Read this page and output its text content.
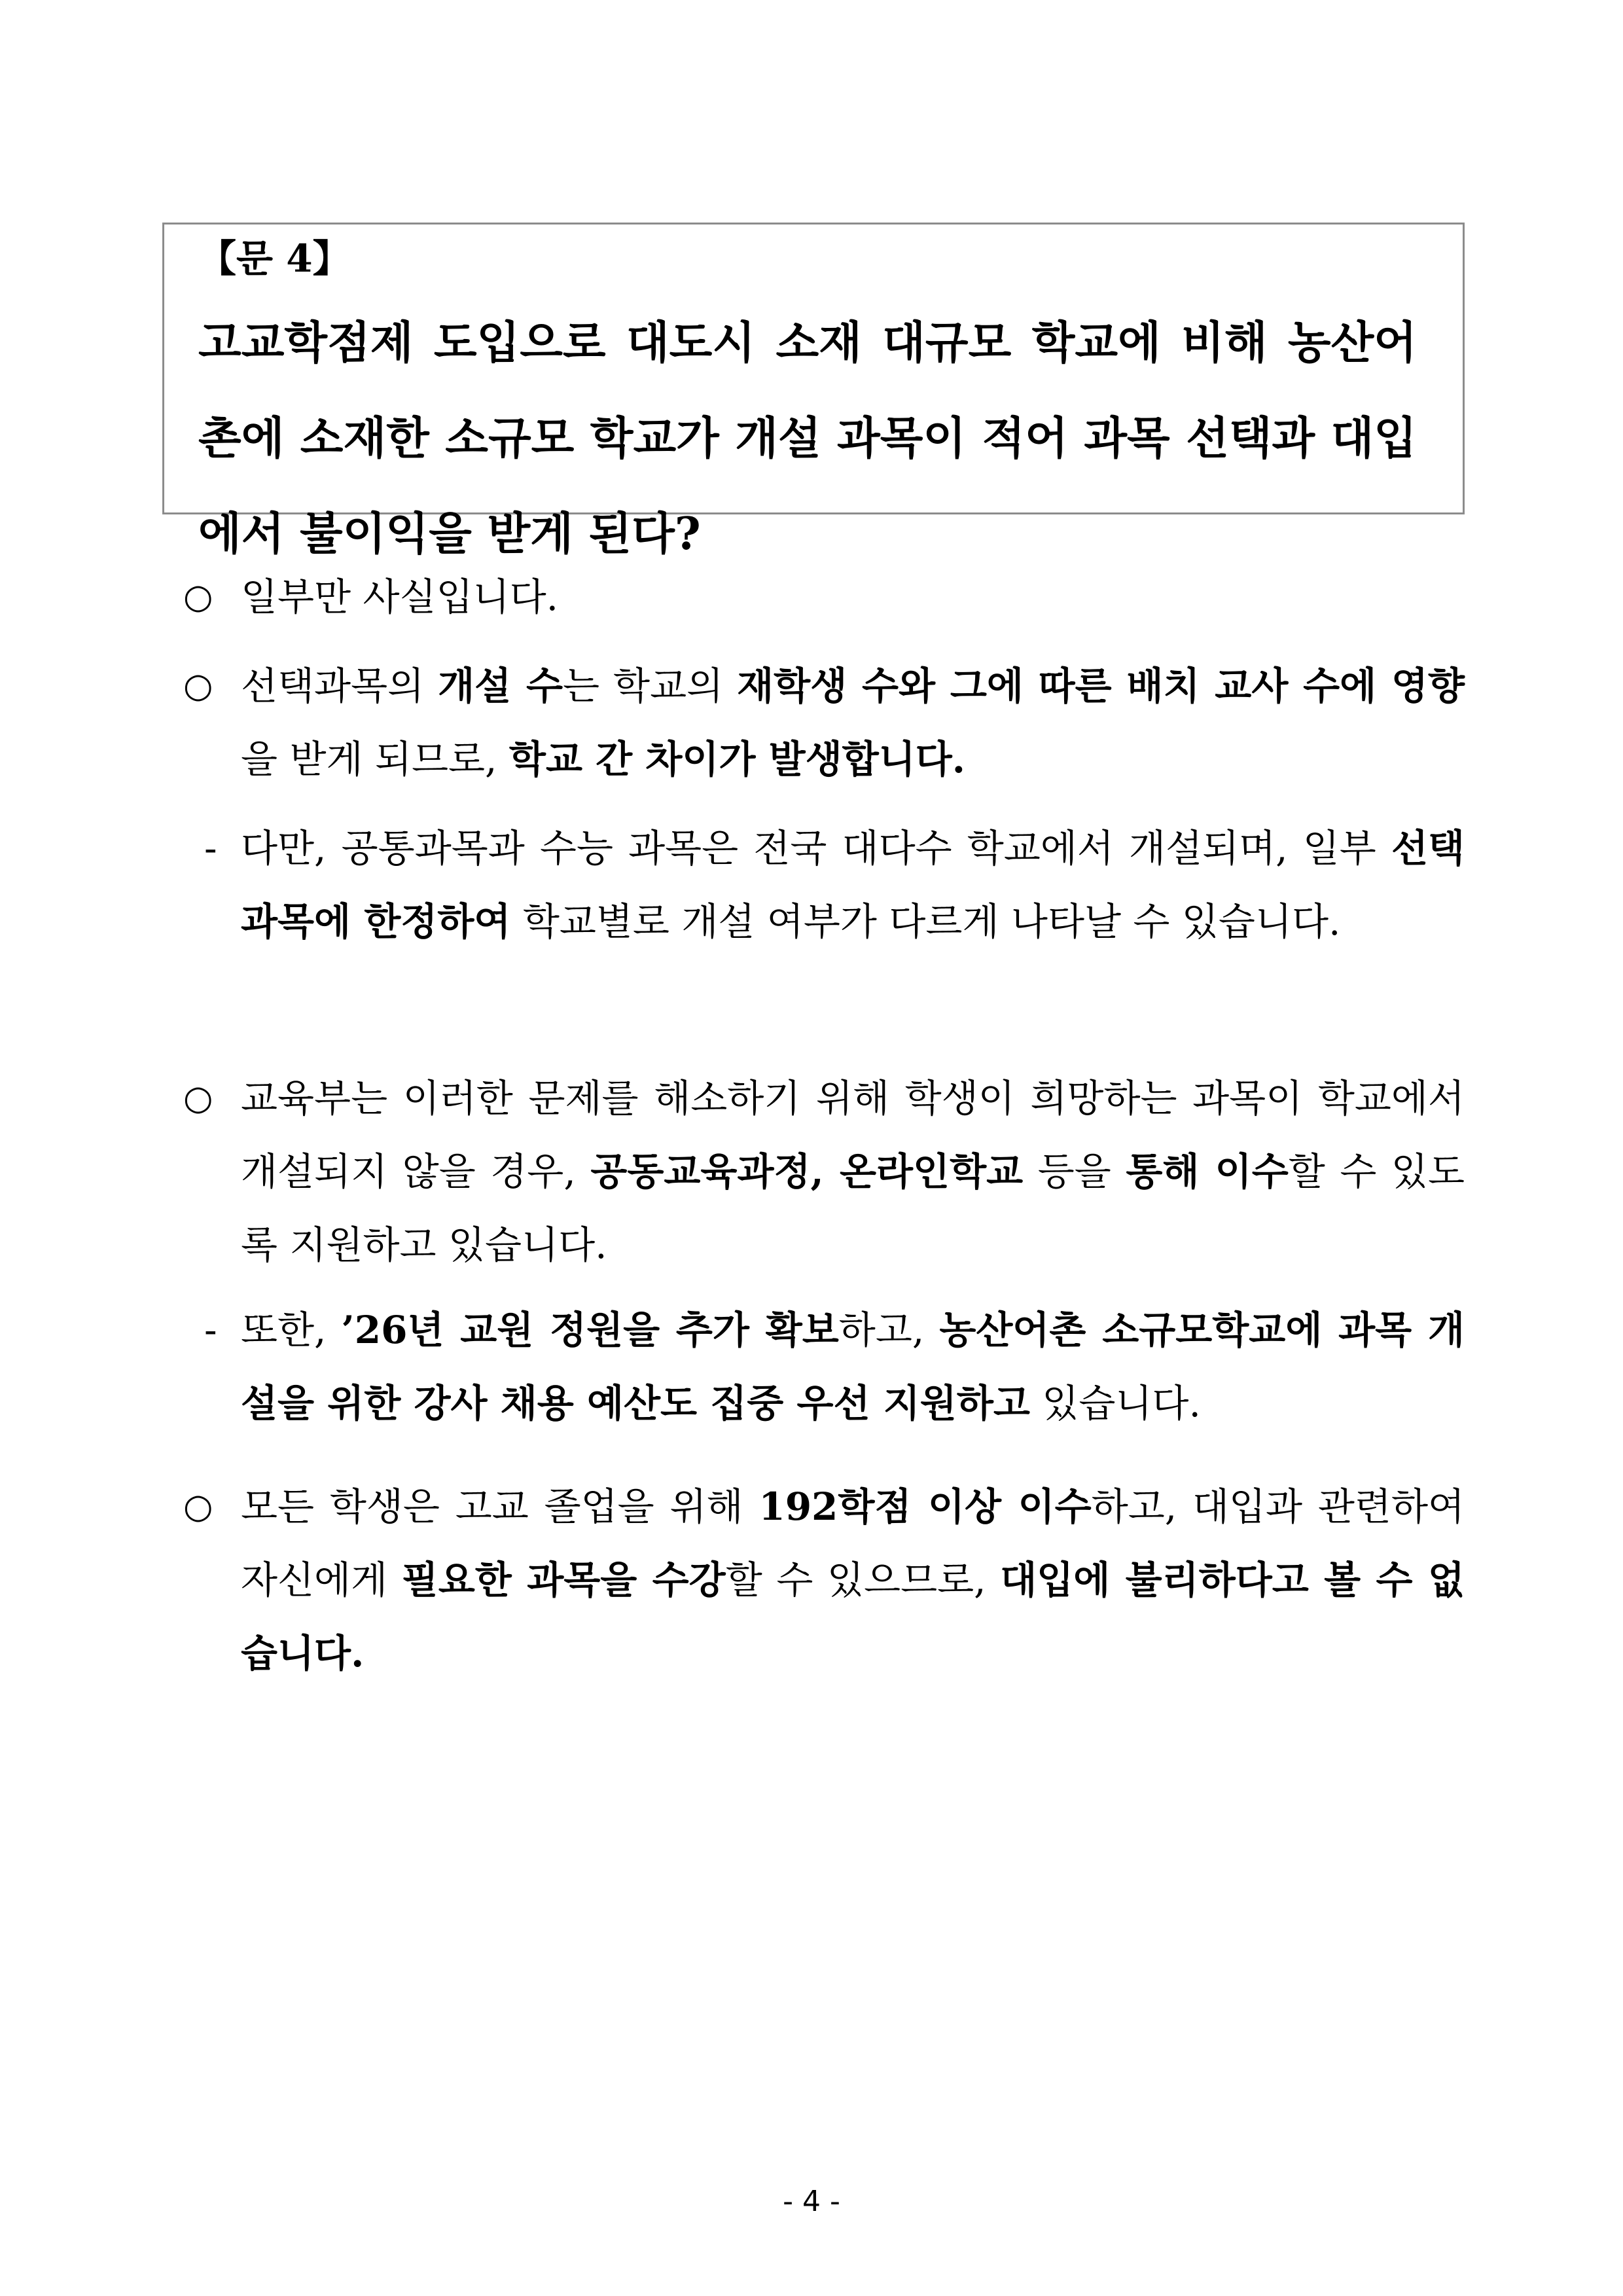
【문 4】
고교학점제 도입으로 대도시 소재 대규모 학교에 비해 농산어촌에 소재한 소규모 학교가 개설 과목이 적어 과목 선택과 대입에서 불이익을 받게 된다?
○ 일부만 사실입니다.
○ 선택과목의 개설 수는 학교의 재학생 수와 그에 따른 배치 교사 수에 영향을 받게 되므로, 학교 간 차이가 발생합니다.
- 다만, 공통과목과 수능 과목은 전국 대다수 학교에서 개설되며, 일부 선택과목에 한정하여 학교별로 개설 여부가 다르게 나타날 수 있습니다.
○ 교육부는 이러한 문제를 해소하기 위해 학생이 희망하는 과목이 학교에서 개설되지 않을 경우, 공동교육과정, 온라인학교 등을 통해 이수할 수 있도록 지원하고 있습니다.
- 또한, ’26년 교원 정원을 추가 확보하고, 농산어촌 소규모학교에 과목 개설을 위한 강사 채용 예산도 집중 우선 지원하고 있습니다.
○ 모든 학생은 고교 졸업을 위해 192학점 이상 이수하고, 대입과 관련하여 자신에게 필요한 과목을 수강할 수 있으므로, 대입에 불리하다고 볼 수 없습니다.
- 4 -
